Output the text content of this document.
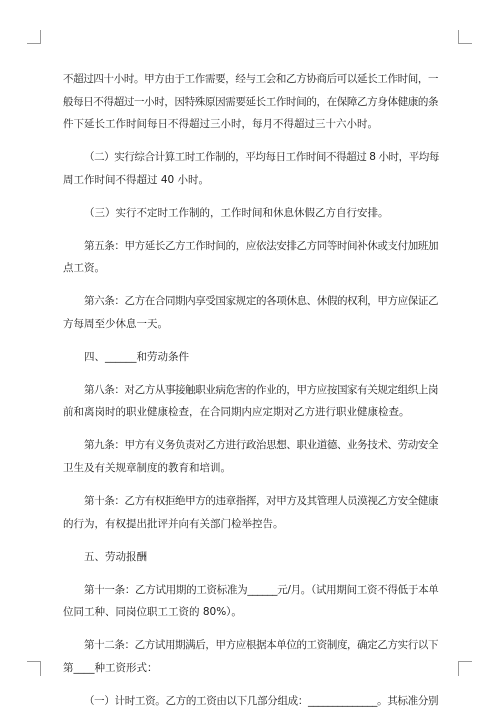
不超过四十小时。甲方由于工作需要，经与工会和乙方协商后可以延长工作时间，一
般每日不得超过一小时，因特殊原因需要延长工作时间的，在保障乙方身体健康的条
件下延长工作时间每日不得超过三小时，每月不得超过三十六小时。
（二）实行综合计算工时工作制的，平均每日工作时间不得超过 8 小时，平均每
周工作时间不得超过 40 小时。
（三）实行不定时工作制的，工作时间和休息休假乙方自行安排。
第五条：甲方延长乙方工作时间的，应依法安排乙方同等时间补休或支付加班加
点工资。
第六条：乙方在合同期内享受国家规定的各项休息、休假的权利，甲方应保证乙
方每周至少休息一天。
四、______和劳动条件
第八条：对乙方从事接触职业病危害的作业的，甲方应按国家有关规定组织上岗
前和离岗时的职业健康检查，在合同期内应定期对乙方进行职业健康检查。
第九条：甲方有义务负责对乙方进行政治思想、职业道德、业务技术、劳动安全
卫生及有关规章制度的教育和培训。
第十条：乙方有权拒绝甲方的违章指挥，对甲方及其管理人员漠视乙方安全健康
的行为，有权提出批评并向有关部门检举控告。
五、劳动报酬
第十一条：乙方试用期的工资标准为______元/月。（试用期间工资不得低于本单
位同工种、同岗位职工工资的 80%）。
第十二条：乙方试用期满后，甲方应根据本单位的工资制度，确定乙方实行以下
第____种工资形式：
（一）计时工资。乙方的工资由以下几部分组成：______________。其标准分别
